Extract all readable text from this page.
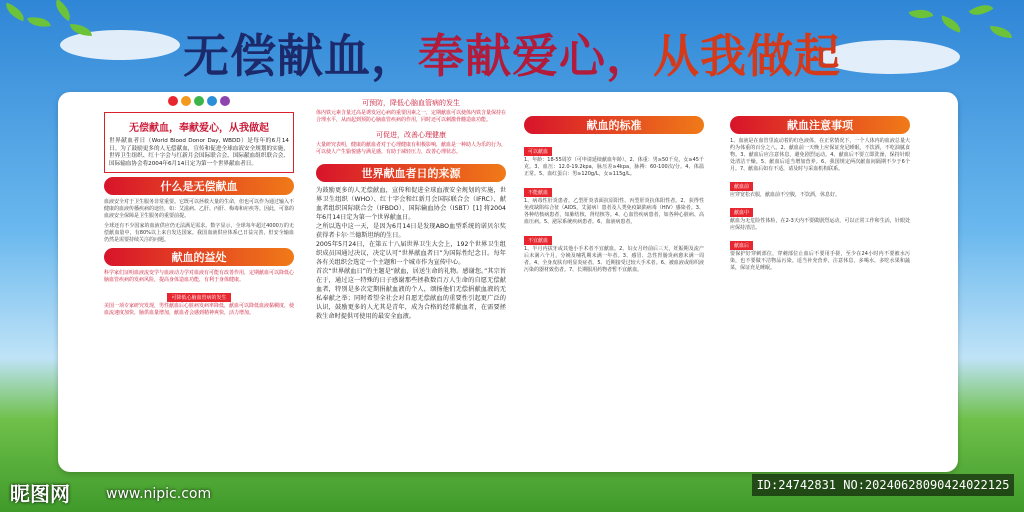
无偿献血，奉献爱心，从我做起
无偿献血，奉献爱心，从我做起

世界献血者日（World Blood Donor Day, WBDD）是每年的6月14日。为了鼓励更多的人无偿献血，宣传和促进全球血液安全规划的实施，世界卫生组织、红十字会与红新月会国际联合会、国际献血组织联合会、国际输血协会将2004年6月14日定为第一个世界献血者日。

什么是无偿献血

血液安全对于卫生服务非常重要。它既可以拯救大量的生命，但也可以作为通过输入不健康的血液传播疾病的途径，如：艾滋病、乙肝、丙肝、梅毒和疟疾等。因此，可靠的血液安全保障是卫生服务的重要前提。

全球还有不少国家的血液供应仍无法满足需求。数字显示，全球每年超过4000万的无偿献血量中，有80%以上来自发达国家。我国血液供应体系已日益完善，但安全输血仍然是需要持续关注的问题。

献血的益处

科学家们证明血液流变学与血液动力学对血液有可能有改善作用，定期献血可以降低心脑血管疾病的发病风险，提高身体造血功能，有利于身体健康。

可降低心脑血管病的发生

美国一项专家研究发现，男性献血后心脏病发病率降低，献血可以降低血液黏稠度，使血流速度加快，脑供血量增加，献血者会感到精神爽快，活力增加。

可预防，降低心脑血管病的发生

体内铁元素含量过高是诱发冠心病的重要因素之一，定期献血可以使体内铁含量保持在合理水平，从而起到预防心脑血管疾病的作用，同时还可以刺激骨髓造血功能。

可促进，改善心理健康

大量研究表明，健康的献血者对于心理健康有积极影响，献血是一种助人为乐的行为，可以使人产生愉悦感与满足感，有助于减轻压力，改善心理状态。

世界献血者日的来源

为鼓励更多的人无偿献血，宣传和促进全球血液安全规划的实施，世界卫生组织（WHO）、红十字会和红新月会国际联合会（IFRC）、献血者组织国际联合会（IFBDO）、国际输血协会（ISBT）[1] 将2004年6月14日定为第一个世界献血日。

之所以选中这一天，是因为6月14日是发现ABO血型系统的诺贝尔奖获得者卡尔·兰德斯坦纳的生日。

2005年5月24日，在第五十八届世界卫生大会上，192个世界卫生组织成员国通过决议，决定认可“世界献血者日”为国际性纪念日。每年各有关组织会选定一个主题和一个城市作为宣传中心。

首次“世界献血日”的主题是“献血，居送生命的礼物。感谢您。”其宗旨在于，通过这一特殊的日子感谢那些拯救数百万人生命的自愿无偿献血者，特别是多次定期捐献血液的个人，颂扬他们无偿捐献血液的无私奉献之举；同时希望全社会对自愿无偿献血的重要性引起更广泛的认识，鼓励更多的人尤其是青年，成为合格的经常献血者，在需要拯救生命时提供可使用的最安全血液。

献血的标准
可以献血

1、年龄：18-55周岁（可申请延续献血年龄）。2、体重：男≥50千克，女≥45千克。3、血压：12.0-19.2kpa，脉压差≥4kpa，脉搏：60-100次/分。4、体温正常。5、血红蛋白：男≥120g/L，女≥115g/L。

不能献血

1、病毒性肝炎患者，乙型肝炎表面抗原阳性、丙型肝炎抗体阳性者。2、获得性免疫缺陷综合征（AIDS，艾滋病）患者及人类免疫缺陷病毒（HIV）感染者。3、各种结核病患者，如肺结核、肾结核等。4、心血管疾病患者，如各种心脏病、高血压病。5、泌尿系统疾病患者。6、血液病患者。

不宜献血

1、半月内拔牙或其他小手术者不宜献血。2、妇女月经前后三天，妊娠期及流产后未满六个月，分娩及哺乳期未满一年者。3、感冒、急性胃肠炎病愈未满一周者。4、全身皮肤有明显炎症者。5、近期接受过较大手术者。6、被血液或组织液污染的器材致伤者。7、长期服用药物者暂不宜献血。

献血注意事项

1、血液是在血管里流动着的红色液体，在正常情况下，一个人体内的血液总量大约为体重的百分之八。2、献血前一天晚上应保证充足睡眠，不饮酒，不吃油腻食物。3、献血后应注意休息，避免剧烈运动。4、献血后不要立即洗澡，保持针眼处清洁干燥。5、献血后适当增加营养。6、我国规定两次献血间隔期不少于6个月。7、献血后如有不适，请及时与采血机构联系。

献血前

应穿宽松衣服，献血前不空腹，不饮酒，休息好。

献血中

献血为无危险性体检，在2-3天内不要做剧烈运动，可以正常工作和生活，针眼处应保持清洁。

献血后

要保护好穿刺部位，穿刺部位止血后不要用手搓，至少在24小时内不要被水污染，也不要做不洁物品污染。适当补充营养，注意休息，多喝水，多吃水果和蔬菜，保证充足睡眠。

昵图网	www.nipic.com
ID:24742831 NO:20240628090424022125
